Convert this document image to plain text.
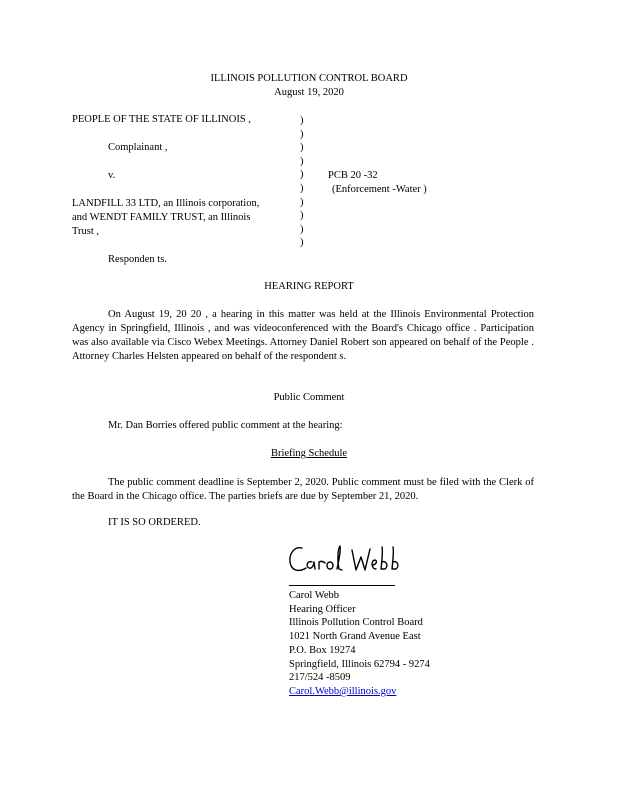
ILLINOIS POLLUTION CONTROL BOARD
August 19, 2020
PEOPLE OF THE STATE OF ILLINOIS ,
Complainant ,
v.
LANDFILL 33 LTD, an Illinois corporation,
and WENDT FAMILY TRUST, an Illinois
Trust ,
Responden ts.
)
)
)
)
)
)
)
)
)
)
PCB 20 -32
(Enforcement -Water )
HEARING REPORT
On August 19, 20 20 , a hearing in this matter was held at the Illinois Environmental Protection Agency in Springfield, Illinois , and was videoconferenced with the Board's Chicago office . Participation was also available via Cisco Webex Meetings. Attorney Daniel Robert son appeared on behalf of the People . Attorney Charles Helsten appeared on behalf of the respondent s.
Public Comment
Mr. Dan Borries offered public comment at the hearing:
Briefing Schedule
The public comment deadline is September 2, 2020. Public comment must be filed with the Clerk of the Board in the Chicago office. The parties briefs are due by September 21, 2020.
IT IS SO ORDERED.
Carol Webb
Hearing Officer
Illinois Pollution Control Board
1021 North Grand Avenue East
P.O. Box 19274
Springfield, Illinois 62794 - 9274
217/524 -8509
Carol.Webb@illinois.gov
